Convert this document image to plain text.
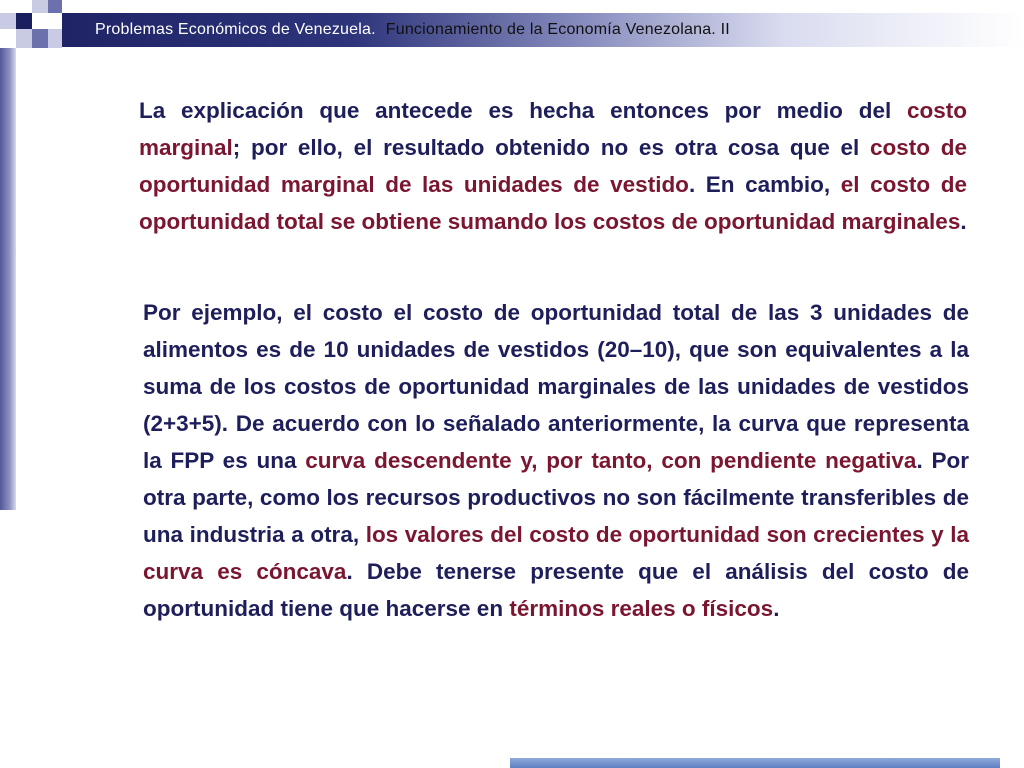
Problemas Económicos de Venezuela. Funcionamiento de la Economía Venezolana. II
La explicación que antecede es hecha entonces por medio del costo marginal; por ello, el resultado obtenido no es otra cosa que el costo de oportunidad marginal de las unidades de vestido. En cambio, el costo de oportunidad total se obtiene sumando los costos de oportunidad marginales.
Por ejemplo, el costo el costo de oportunidad total de las 3 unidades de alimentos es de 10 unidades de vestidos (20–10), que son equivalentes a la suma de los costos de oportunidad marginales de las unidades de vestidos (2+3+5). De acuerdo con lo señalado anteriormente, la curva que representa la FPP es una curva descendente y, por tanto, con pendiente negativa. Por otra parte, como los recursos productivos no son fácilmente transferibles de una industria a otra, los valores del costo de oportunidad son crecientes y la curva es cóncava. Debe tenerse presente que el análisis del costo de oportunidad tiene que hacerse en términos reales o físicos.
